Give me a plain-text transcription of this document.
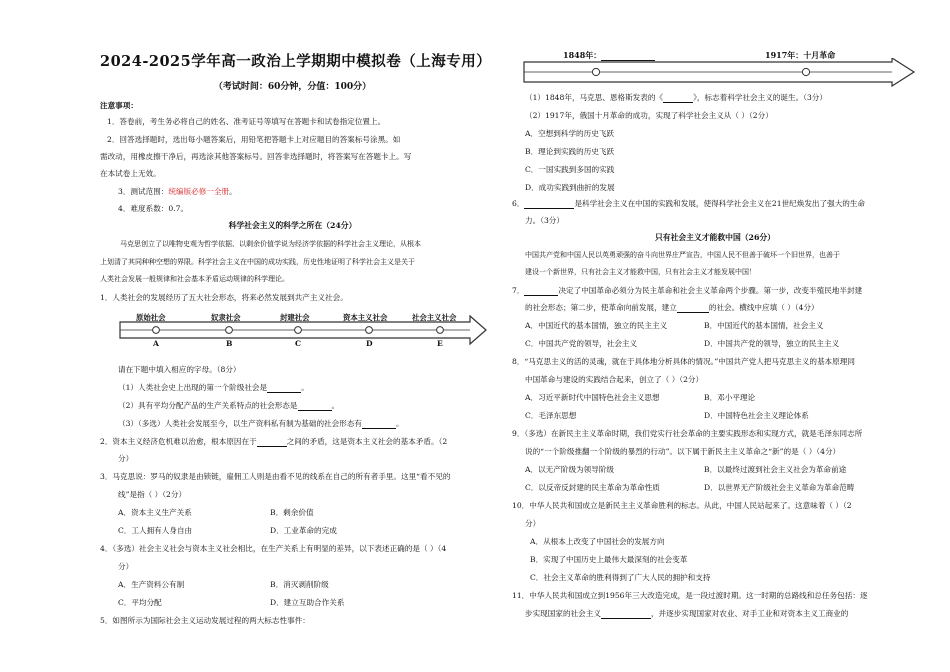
2024-2025学年高一政治上学期期中模拟卷（上海专用）
（考试时间：60分钟，分值：100分）
注意事项：
1．答卷前，考生务必将自己的姓名、准考证号等填写在答题卡和试卷指定位置上。
2．回答选择题时，选出每小题答案后，用铅笔把答题卡上对应题目的答案标号涂黑。如
需改动，用橡皮擦干净后，再选涂其他答案标号。回答非选择题时，将答案写在答题卡上。写
在本试卷上无效。
3．测试范围：统编版必修一全册。
4．难度系数：0.7。
科学社会主义的科学之所在（24分）
马克思创立了以唯物史观为哲学依据、以剩余价值学说为经济学依据的科学社会主义理论，从根本
上划清了其同种种空想的界限。科学社会主义在中国的成功实践，历史性地证明了科学社会主义是关于
人类社会发展一般规律和社会基本矛盾运动规律的科学理论。
1．人类社会的发展经历了五大社会形态，将来必然发展到共产主义社会。
原始社会	奴隶社会	封建社会	资本主义社会	社会主义社会
A	B	C	D	E
请在下题中填入相应的字母。（8分）
（1）人类社会史上出现的第一个阶级社会是	。
（2）具有平均分配产品的生产关系特点的社会形态是	。
（3）（多选）人类社会发展至今，以生产资料私有制为基础的社会形态有	。
2．资本主义经济危机难以治愈，根本原因在于	之间的矛盾，这是资本主义社会的基本矛盾。（2
分）
3．马克思说：罗马的奴隶是由锁链，雇佣工人则是由看不见的线系在自己的所有者手里。这里“看不见的
线”是指（ ）（2分）
A．资本主义生产关系	B．剩余价值
C．工人拥有人身自由	D．工业革命的完成
4．（多选）社会主义社会与资本主义社会相比，在生产关系上有明显的差异，以下表述正确的是（ ）（4
分）
A．生产资料公有制	B．消灭剥削阶级
C．平均分配	D．建立互助合作关系
5．如图所示为国际社会主义运动发展过程的两大标志性事件：
1848年：	1917年：十月革命
（1）1848年，马克思、恩格斯发表的《	》，标志着科学社会主义的诞生。（3分）
（2）1917年，俄国十月革命的成功，实现了科学社会主义从（ ）（2分）
A．空想到科学的历史飞跃
B．理论到实践的历史飞跃
C．一国实践到多国的实践
D．成功实践到曲折的发展
6．	是科学社会主义在中国的实践和发展，使得科学社会主义在21世纪焕发出了强大的生命
力。（3分）
只有社会主义才能救中国（26分）
中国共产党和中国人民以英勇顽强的奋斗向世界庄严宣告，中国人民不但善于破坏一个旧世界，也善于
建设一个新世界，只有社会主义才能救中国，只有社会主义才能发展中国！
7．	决定了中国革命必须分为民主革命和社会主义革命两个步骤。第一步，改变半殖民地半封建
的社会形态；第二步，使革命向前发展，建立	的社会。横线中应填（ ）（4分）
A．中国近代的基本国情，独立的民主主义	B．中国近代的基本国情，社会主义
C．中国共产党的领导，社会主义	D．中国共产党的领导，独立的民主主义
8．“马克思主义的活的灵魂，就在于具体地分析具体的情况。”中国共产党人把马克思主义的基本原理同
中国革命与建设的实践结合起来，创立了（ ）（2分）
A．习近平新时代中国特色社会主义思想	B．邓小平理论
C．毛泽东思想	D．中国特色社会主义理论体系
9．（多选）在新民主主义革命时期，我们党实行社会革命的主要实践形态和实现方式，就是毛泽东同志所
说的“一个阶级推翻一个阶级的暴烈的行动”。以下属于新民主主义革命之“新”的是（ ）（4分）
A．以无产阶级为领导阶级	B．以最终过渡到社会主义社会为革命前途
C．以反帝反封建的民主革命为革命性质	D．以世界无产阶级社会主义革命为革命范畴
10．中华人民共和国成立是新民主主义革命胜利的标志。从此，中国人民站起来了。这意味着（ ）（2
分）
A．从根本上改变了中国社会的发展方向
B．实现了中国历史上最伟大最深刻的社会变革
C．社会主义革命的胜利得到了广大人民的拥护和支持
11．中华人民共和国成立到1956年三大改造完成，是一段过渡时期。这一时期的总路线和总任务包括：逐
步实现国家的社会主义	，并逐步实现国家对农业、对手工业和对资本主义工商业的
